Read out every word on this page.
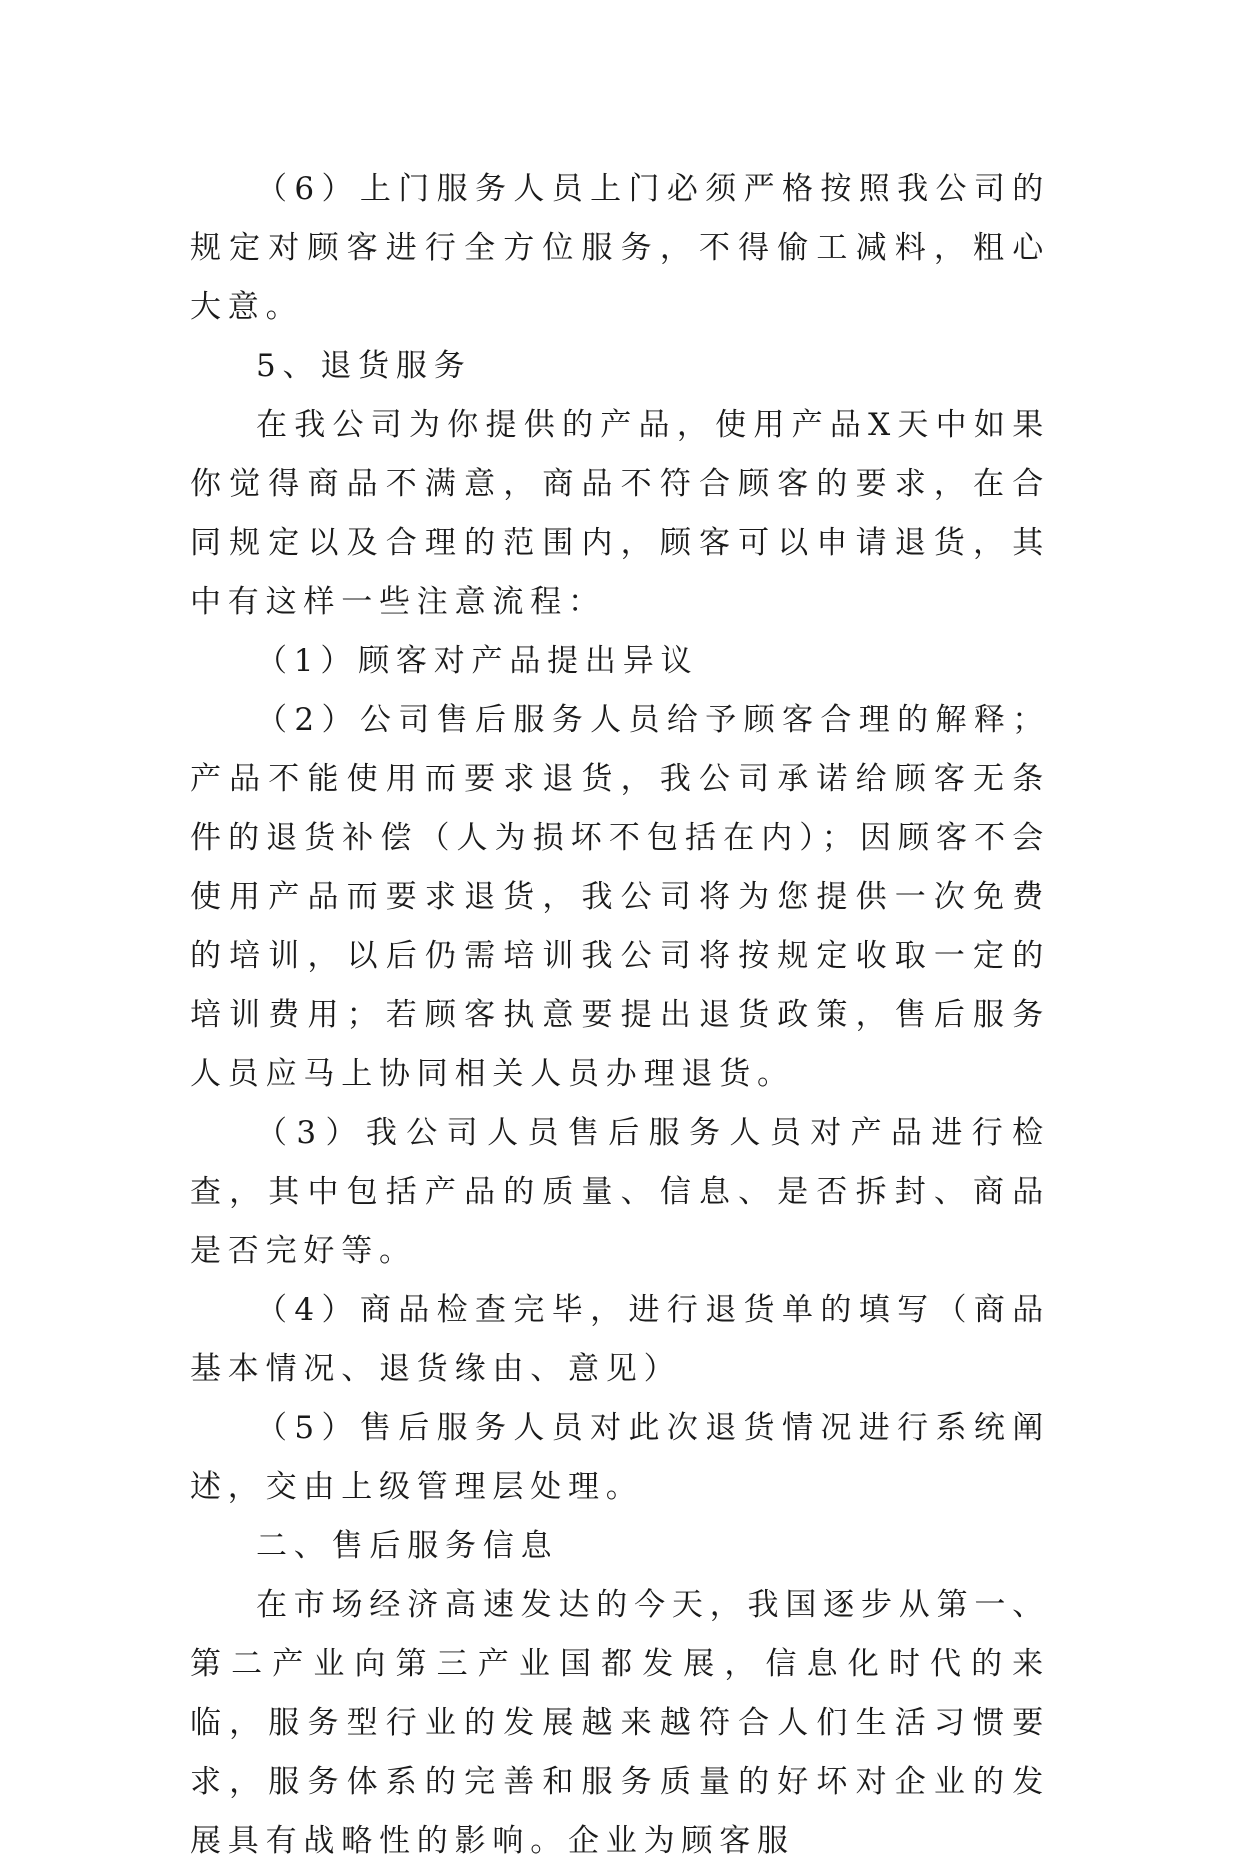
（6）上门服务人员上门必须严格按照我公司的规定对顾客进行全方位服务，不得偷工减料，粗心大意。

5、退货服务

在我公司为你提供的产品，使用产品X天中如果你觉得商品不满意，商品不符合顾客的要求，在合同规定以及合理的范围内，顾客可以申请退货，其中有这样一些注意流程：

（1）顾客对产品提出异议

（2）公司售后服务人员给予顾客合理的解释；产品不能使用而要求退货，我公司承诺给顾客无条件的退货补偿（人为损坏不包括在内）；因顾客不会使用产品而要求退货，我公司将为您提供一次免费的培训，以后仍需培训我公司将按规定收取一定的培训费用；若顾客执意要提出退货政策，售后服务人员应马上协同相关人员办理退货。

（3）我公司人员售后服务人员对产品进行检查，其中包括产品的质量、信息、是否拆封、商品是否完好等。

（4）商品检查完毕，进行退货单的填写（商品基本情况、退货缘由、意见）

（5）售后服务人员对此次退货情况进行系统阐述，交由上级管理层处理。

二、售后服务信息

在市场经济高速发达的今天，我国逐步从第一、第二产业向第三产业国都发展，信息化时代的来临，服务型行业的发展越来越符合人们生活习惯要求，服务体系的完善和服务质量的好坏对企业的发展具有战略性的影响。企业为顾客服
